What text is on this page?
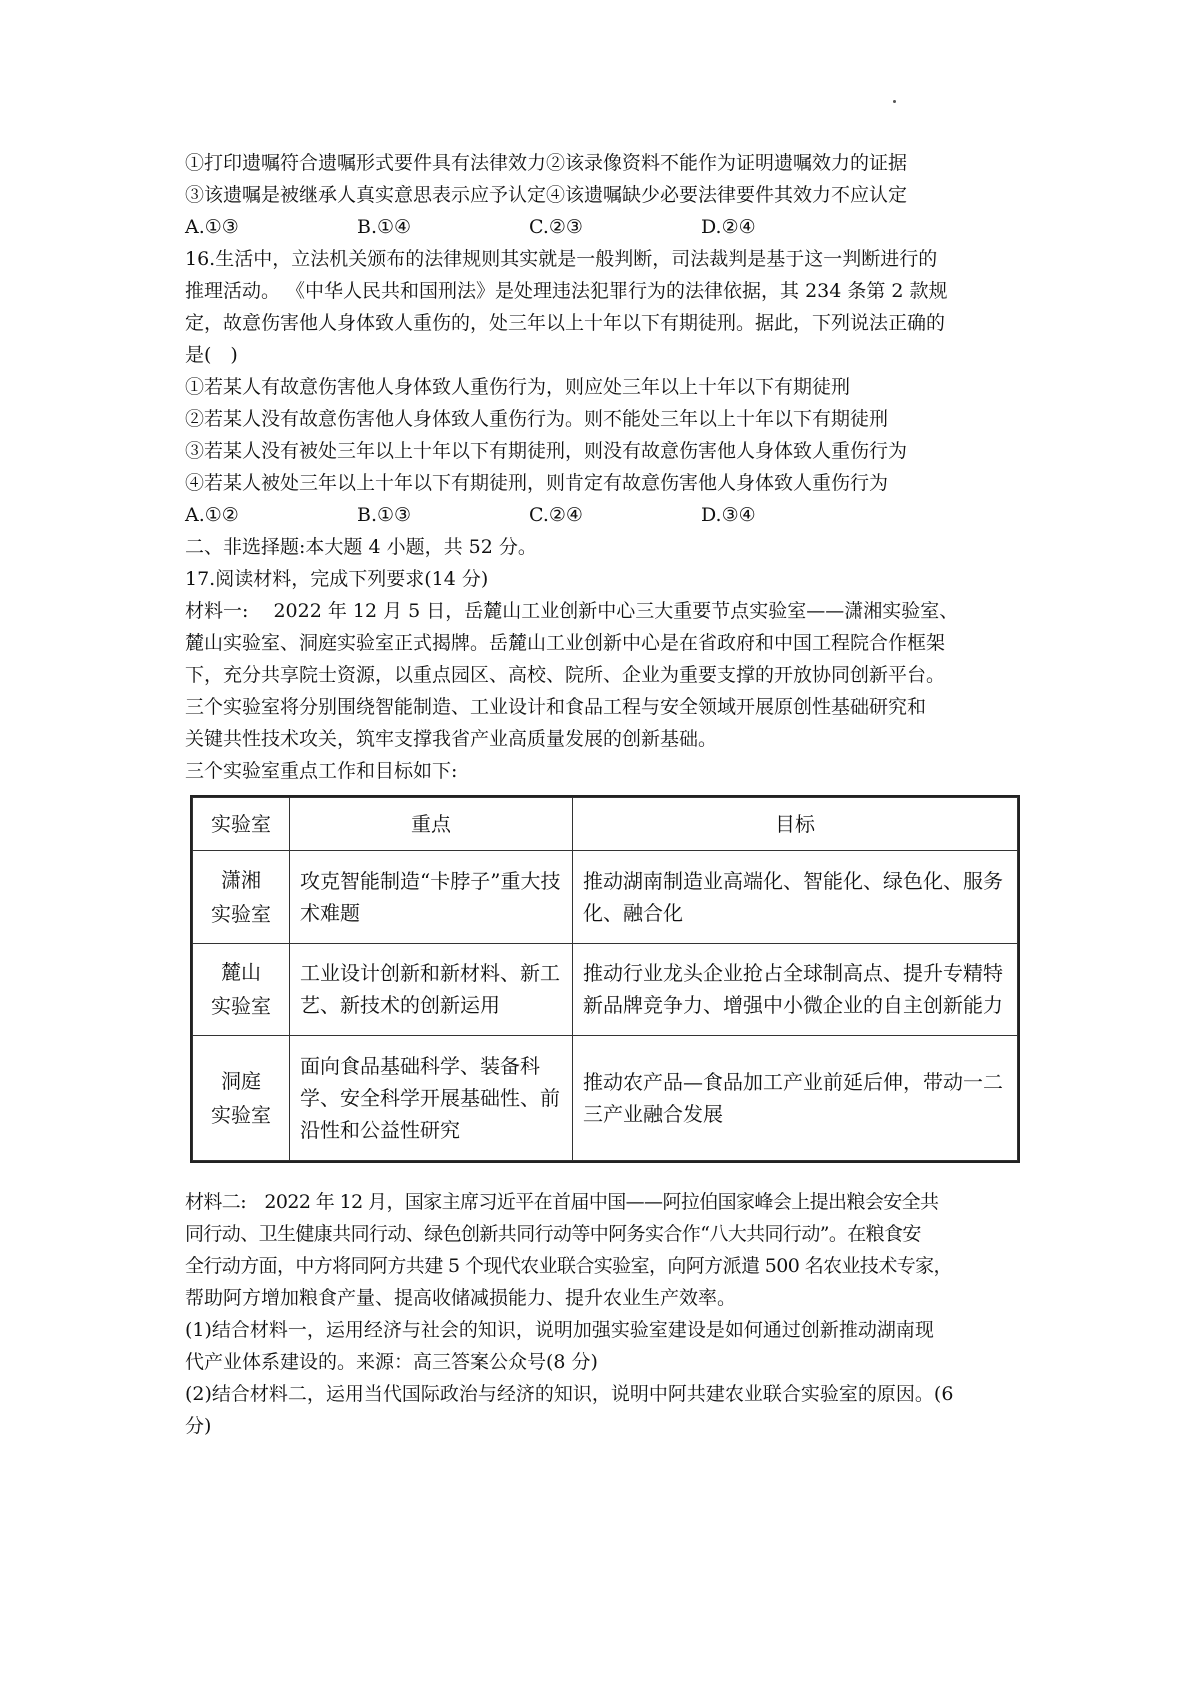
①打印遗嘱符合遗嘱形式要件具有法律效力②该录像资料不能作为证明遗嘱效力的证据
③该遗嘱是被继承人真实意思表示应予认定④该遗嘱缺少必要法律要件其效力不应认定
A.①③	B.①④	C.②③	D.②④
16.生活中，立法机关颁布的法律规则其实就是一般判断，司法裁判是基于这一判断进行的
推理活动。 《中华人民共和国刑法》是处理违法犯罪行为的法律依据，其 234 条第 2 款规
定，故意伤害他人身体致人重伤的，处三年以上十年以下有期徒刑。据此，下列说法正确的
是(　)
①若某人有故意伤害他人身体致人重伤行为，则应处三年以上十年以下有期徒刑
②若某人没有故意伤害他人身体致人重伤行为。则不能处三年以上十年以下有期徒刑
③若某人没有被处三年以上十年以下有期徒刑，则没有故意伤害他人身体致人重伤行为
④若某人被处三年以上十年以下有期徒刑，则肯定有故意伤害他人身体致人重伤行为
A.①②	B.①③	C.②④	D.③④
二、非选择题:本大题 4 小题，共 52 分。
17.阅读材料，完成下列要求(14 分)
材料一:　 2022 年 12 月 5 日，岳麓山工业创新中心三大重要节点实验室——潇湘实验室、
麓山实验室、洞庭实验室正式揭牌。岳麓山工业创新中心是在省政府和中国工程院合作框架
下，充分共享院士资源，以重点园区、高校、院所、企业为重要支撑的开放协同创新平台。
三个实验室将分别围绕智能制造、工业设计和食品工程与安全领域开展原创性基础研究和
关键共性技术攻关，筑牢支撑我省产业高质量发展的创新基础。
三个实验室重点工作和目标如下:
实验室	重点	目标

潇湘
实验室	攻克智能制造“卡脖子”重大技术难题	推动湖南制造业高端化、智能化、绿色化、服务化、融合化

麓山
实验室	工业设计创新和新材料、新工艺、新技术的创新运用	推动行业龙头企业抢占全球制高点、提升专精特新品牌竞争力、增强中小微企业的自主创新能力

洞庭
实验室	面向食品基础科学、装备科学、安全科学开展基础性、前沿性和公益性研究	推动农产品—食品加工产业前延后伸，带动一二三产业融合发展
材料二:　2022 年 12 月，国家主席习近平在首届中国——阿拉伯国家峰会上提出粮会安全共
同行动、卫生健康共同行动、绿色创新共同行动等中阿务实合作“八大共同行动”。在粮食安
全行动方面，中方将同阿方共建 5 个现代农业联合实验室，向阿方派遣 500 名农业技术专家，
帮助阿方增加粮食产量、提高收储减损能力、提升农业生产效率。
(1)结合材料一，运用经济与社会的知识，说明加强实验室建设是如何通过创新推动湖南现
代产业体系建设的。来源：高三答案公众号(8 分)
(2)结合材料二，运用当代国际政治与经济的知识，说明中阿共建农业联合实验室的原因。(6
分)
